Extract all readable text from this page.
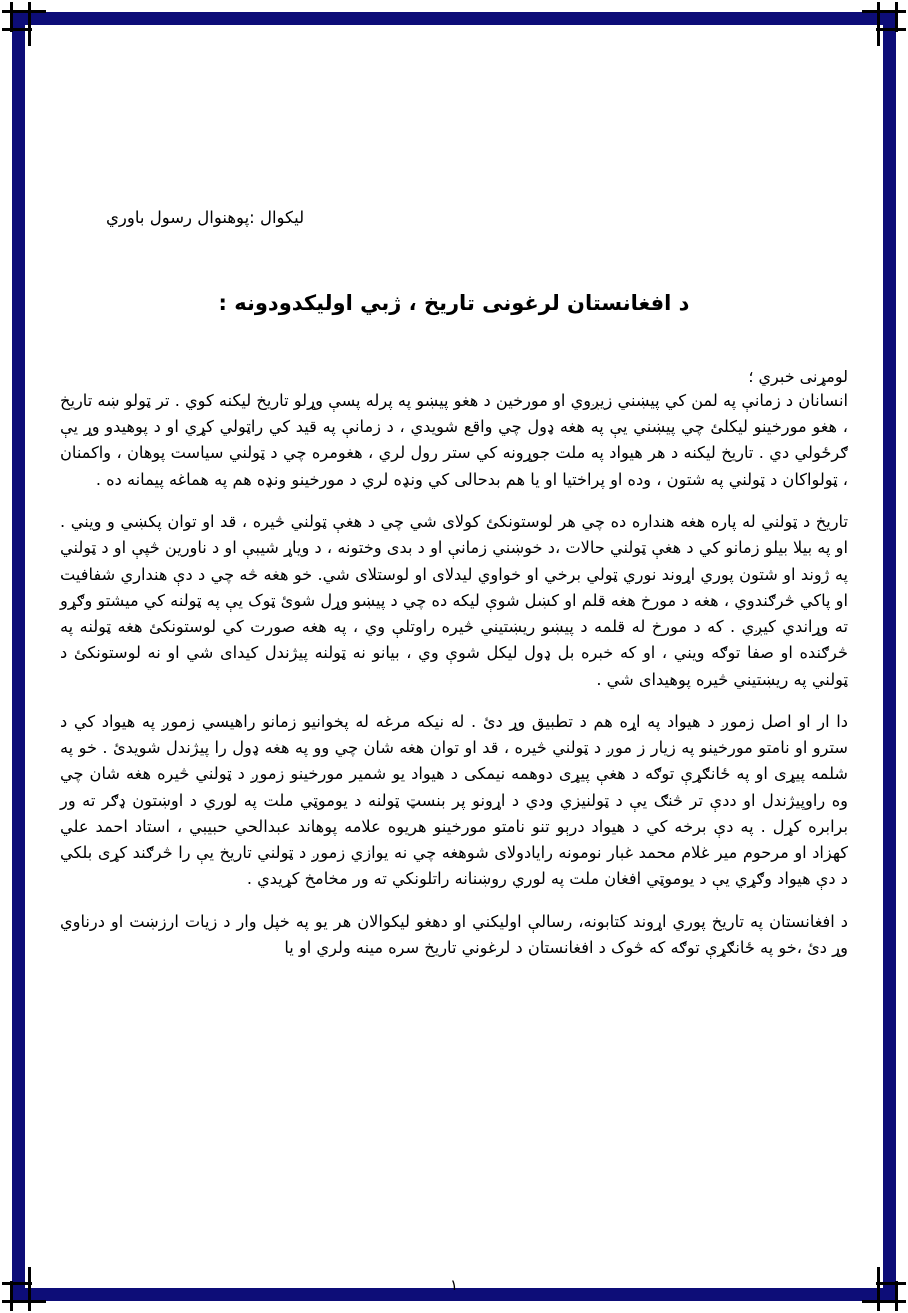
لیکوال :پوهنوال رسول باوري
د افغانستان لرغونی تاریخ ، ژبي اولیکدودونه :
لومړنی خبري ؛

انسانان د زمانې په لمن کي پیښني زیږوي او مورخین د هغو پیښو په پرله پسې وړلو تاریخ لیکنه کوي . تر ټولو ښه تاریخ ، هغو مورخینو لیکلئ چي پیښني یې په هغه ډول چي واقع شویدي ، د زمانې په قید کي راټولي کړي او د پوهیدو وړ یې ګرځولي دي . تاریخ لیکنه د هر هیواد په ملت جوړونه کي ستر رول لري ، هغومره چي د ټولني سیاست پوهان ، واکمنان ، ټولواکان د ټولني په شتون ، وده او پراختیا او یا هم بدحالی کي ونډه لري د مورخینو ونډه هم په هماغه پیمانه ده .

تاریخ د ټولني له پاره هغه هنداره ده چي هر لوستونکئ کولای شي چي د هغې ټولني څیره ، قد او توان پکښي و ویني . او په بیلا بیلو زمانو کي د هغې ټولني حالات ،د خوښني زمانې او د بدی وختونه ، د ویاړ شیبې او د ناورین څپې او د ټولني په ژوند او شتون پوري اړوند نوري ټولي برخي او خواوي لیدلای او لوستلای شي. خو هغه څه چي د دې هنداري شفافیت او پاکي څرګندوي ، هغه د مورخ هغه قلم او کښل شوې لیکه ده چي د پیښو وړل شوئ ټوک یې په ټولنه کي میشتو وګړو ته وړاندي کیږي . که د مورخ له قلمه د پیښو ریښتیني څیره راوتلې وي ، په هغه صورت کي لوستونکئ هغه ټولنه په څرګنده او صفا توګه ویني ، او که خبره بل ډول لیکل شوې وي ، بیانو نه ټولنه پیژندل کیدای شي او نه لوستونکئ د ټولني په ریښتیني څیره پوهیدای شي .

دا ار او اصل زموږ د هیواد په اړه هم د تطبیق وړ دئ . له نیکه مرغه له پخوانیو زمانو راهیسي زموږ په هیواد کي د سترو او نامتو مورخینو په زیار ز موږ د ټولني څیره ، قد او توان هغه شان چي وو په هغه ډول را پیژندل شویدئ . خو په شلمه پیړی او په ځانګړې توګه د هغې پیړی دوهمه نیمکی د هیواد یو شمیر مورخینو زموږ د ټولني څیره هغه شان چي وه راوپیژندل او ددې تر څنګ یې د ټولنیزي ودي د اړونو پر بنسټ ټولنه د یوموټي ملت په لوري د اوښتون ډګر ته ور برابره کړل . په دې برخه کي د هیواد درېو تنو نامتو مورخینو هریوه علامه پوهاند عبدالحي حبیبي ، استاد احمد علي کهزاد او مرحوم میر غلام محمد غبار نومونه رایادولای شوهغه چي نه یوازي زموږ د ټولني تاریخ یې را څرګند کړی بلکي د دې هیواد وګړي یې د یوموټي افغان ملت په لوري روښنانه راتلونکي ته ور مخامخ کړیدي .

د افغانستان په تاریخ پوري اړوند کتابونه، رسالې اولیکني او دهغو لیکوالان هر یو په خپل وار د زیات ارزښت او درناوي وړ دئ ،خو په ځانګړې توګه که څوک د افغانستان د لرغوني تاریخ سره مینه ولري او یا

١
